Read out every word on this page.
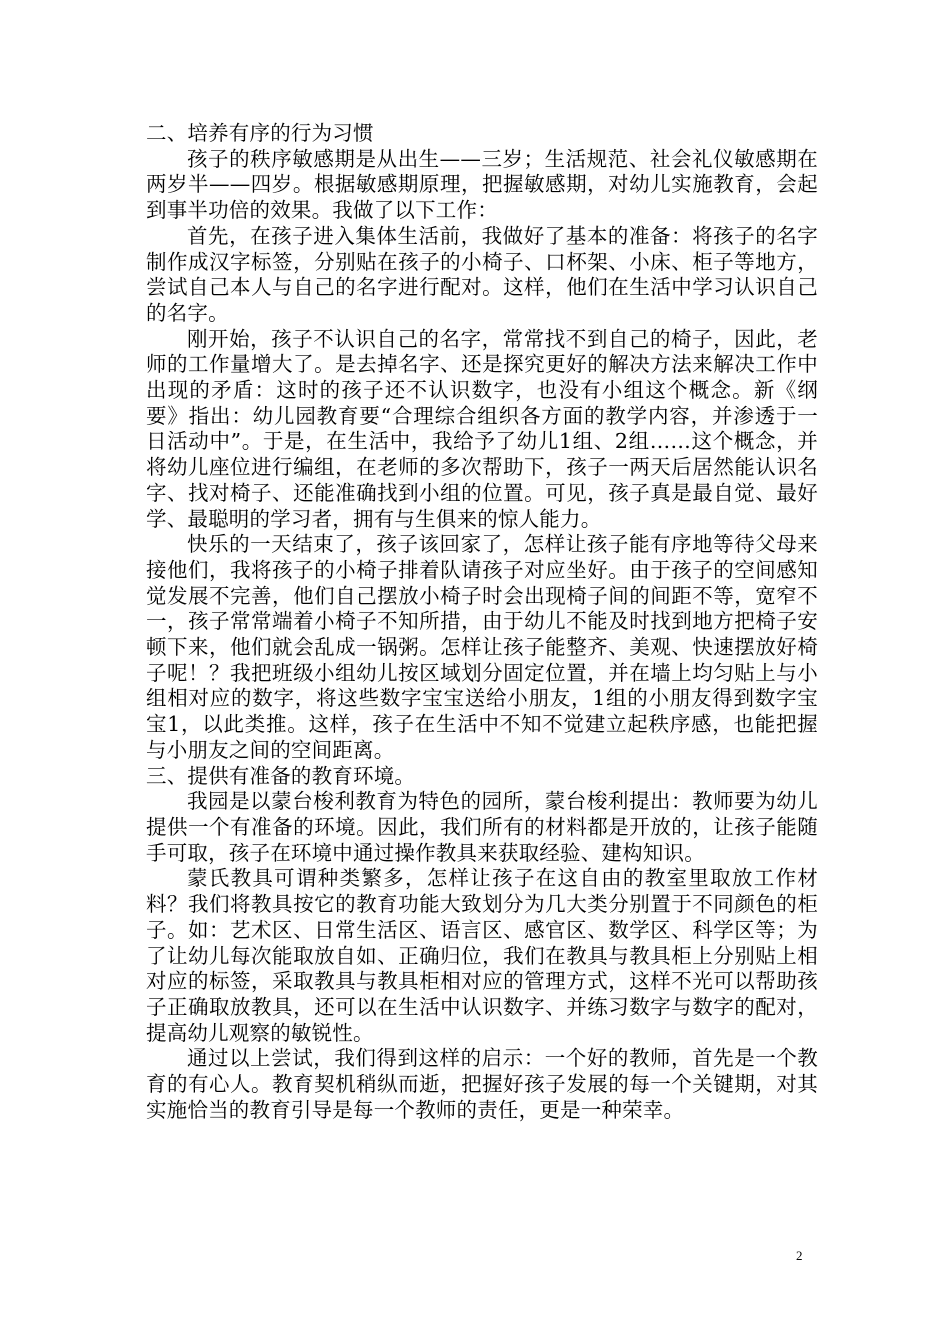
二、培养有序的行为习惯

孩子的秩序敏感期是从出生——三岁；生活规范、社会礼仪敏感期在两岁半——四岁。根据敏感期原理，把握敏感期，对幼儿实施教育，会起到事半功倍的效果。我做了以下工作：

首先，在孩子进入集体生活前，我做好了基本的准备：将孩子的名字制作成汉字标签，分别贴在孩子的小椅子、口杯架、小床、柜子等地方，尝试自己本人与自己的名字进行配对。这样，他们在生活中学习认识自己的名字。

刚开始，孩子不认识自己的名字，常常找不到自己的椅子，因此，老师的工作量增大了。是去掉名字、还是探究更好的解决方法来解决工作中出现的矛盾：这时的孩子还不认识数字，也没有小组这个概念。新《纲要》指出：幼儿园教育要“合理综合组织各方面的教学内容，并渗透于一日活动中”。于是，在生活中，我给予了幼儿1组、2组……这个概念，并将幼儿座位进行编组，在老师的多次帮助下，孩子一两天后居然能认识名字、找对椅子、还能准确找到小组的位置。可见，孩子真是最自觉、最好学、最聪明的学习者，拥有与生俱来的惊人能力。

快乐的一天结束了，孩子该回家了，怎样让孩子能有序地等待父母来接他们，我将孩子的小椅子排着队请孩子对应坐好。由于孩子的空间感知觉发展不完善，他们自己摆放小椅子时会出现椅子间的间距不等，宽窄不一，孩子常常端着小椅子不知所措，由于幼儿不能及时找到地方把椅子安顿下来，他们就会乱成一锅粥。怎样让孩子能整齐、美观、快速摆放好椅子呢！？我把班级小组幼儿按区域划分固定位置，并在墙上均匀贴上与小组相对应的数字，将这些数字宝宝送给小朋友，1组的小朋友得到数字宝宝1，以此类推。这样，孩子在生活中不知不觉建立起秩序感，也能把握与小朋友之间的空间距离。

三、提供有准备的教育环境。

我园是以蒙台梭利教育为特色的园所，蒙台梭利提出：教师要为幼儿提供一个有准备的环境。因此，我们所有的材料都是开放的，让孩子能随手可取，孩子在环境中通过操作教具来获取经验、建构知识。

蒙氏教具可谓种类繁多，怎样让孩子在这自由的教室里取放工作材料？我们将教具按它的教育功能大致划分为几大类分别置于不同颜色的柜子。如：艺术区、日常生活区、语言区、感官区、数学区、科学区等；为了让幼儿每次能取放自如、正确归位，我们在教具与教具柜上分别贴上相对应的标签，采取教具与教具柜相对应的管理方式，这样不光可以帮助孩子正确取放教具，还可以在生活中认识数字、并练习数字与数字的配对，提高幼儿观察的敏锐性。

通过以上尝试，我们得到这样的启示：一个好的教师，首先是一个教育的有心人。教育契机稍纵而逝，把握好孩子发展的每一个关键期，对其实施恰当的教育引导是每一个教师的责任，更是一种荣幸。

2
